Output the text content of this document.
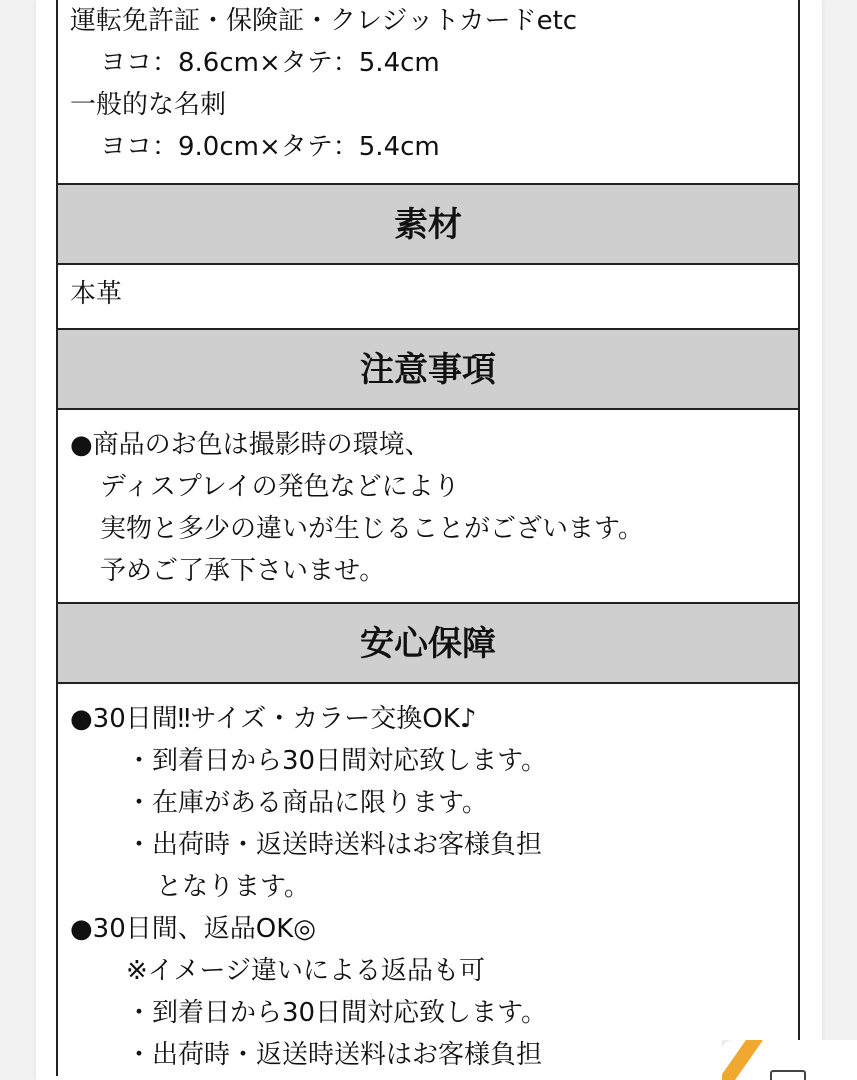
運転免許証・保険証・クレジットカードetc
ヨコ：8.6cm×タテ：5.4cm
一般的な名刺
ヨコ：9.0cm×タテ：5.4cm
素材
本革
注意事項
●商品のお色は撮影時の環境、
ディスプレイの発色などにより
実物と多少の違いが生じることがございます。
予めご了承下さいませ。
安心保障
●30日間‼サイズ・カラー交換OK♪
・到着日から30日間対応致します。
・在庫がある商品に限ります。
・出荷時・返送時送料はお客様負担
となります。
●30日間、返品OK◎
※イメージ違いによる返品も可
・到着日から30日間対応致します。
・出荷時・返送時送料はお客様負担
